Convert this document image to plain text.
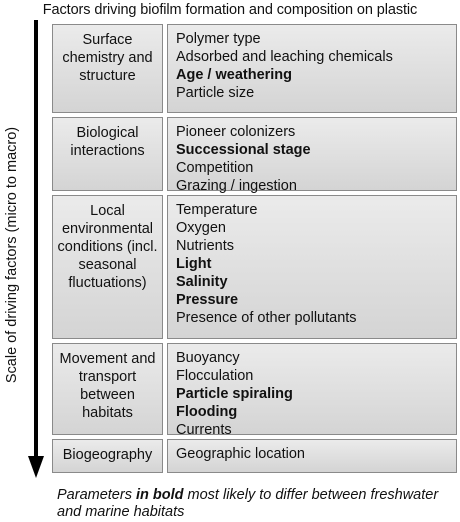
Factors driving biofilm formation and composition on plastic
Scale of driving factors (micro to macro)
Surface chemistry and structure
Polymer type
Adsorbed and leaching chemicals
Age / weathering
Particle size
Biological interactions
Pioneer colonizers
Successional stage
Competition
Grazing / ingestion
Local environmental conditions (incl. seasonal fluctuations)
Temperature
Oxygen
Nutrients
Light
Salinity
Pressure
Presence of other pollutants
Movement and transport between habitats
Buoyancy
Flocculation
Particle spiraling
Flooding
Currents
Biogeography	Geographic location
Parameters in bold most likely to differ between freshwater and marine habitats
